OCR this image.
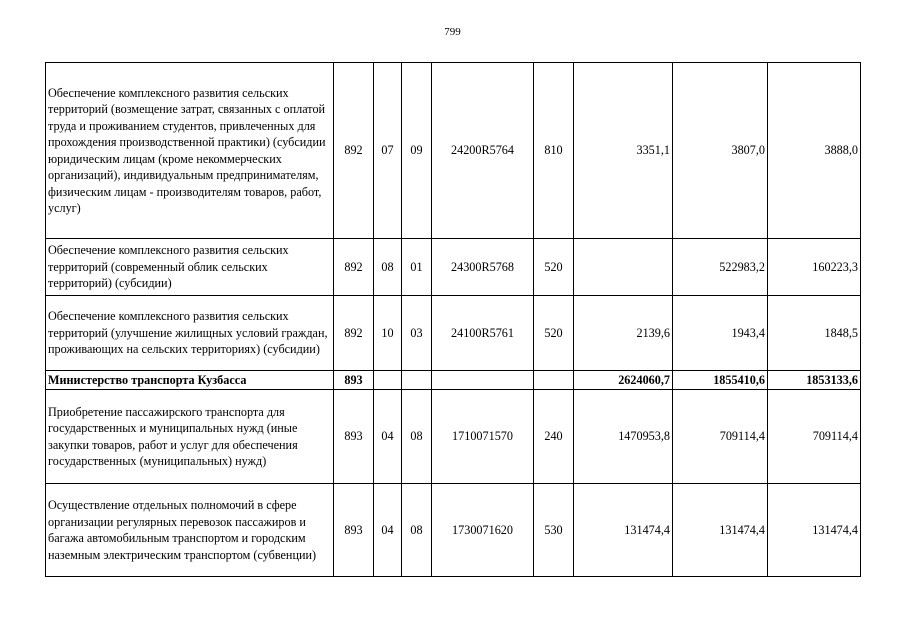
799
Обеспечение комплексного развития сельских территорий (возмещение затрат, связанных с оплатой труда и проживанием студентов, привлеченных для прохождения производственной практики) (субсидии юридическим лицам (кроме некоммерческих организаций), индивидуальным предпринимателям, физическим лицам - производителям товаров, работ, услуг)	892	07	09	24200R5764	810	3351,1	3807,0	3888,0
Обеспечение комплексного развития сельских территорий (современный облик сельских территорий) (субсидии)	892	08	01	24300R5768	520		522983,2	160223,3
Обеспечение комплексного развития сельских территорий (улучшение жилищных условий граждан, проживающих на сельских территориях) (субсидии)	892	10	03	24100R5761	520	2139,6	1943,4	1848,5
Министерство транспорта Кузбасса	893					2624060,7	1855410,6	1853133,6
Приобретение пассажирского транспорта для государственных и муниципальных нужд (иные закупки товаров, работ и услуг для обеспечения государственных (муниципальных) нужд)	893	04	08	1710071570	240	1470953,8	709114,4	709114,4
Осуществление отдельных полномочий в сфере организации регулярных перевозок пассажиров и багажа автомобильным транспортом и городским наземным электрическим транспортом (субвенции)	893	04	08	1730071620	530	131474,4	131474,4	131474,4
